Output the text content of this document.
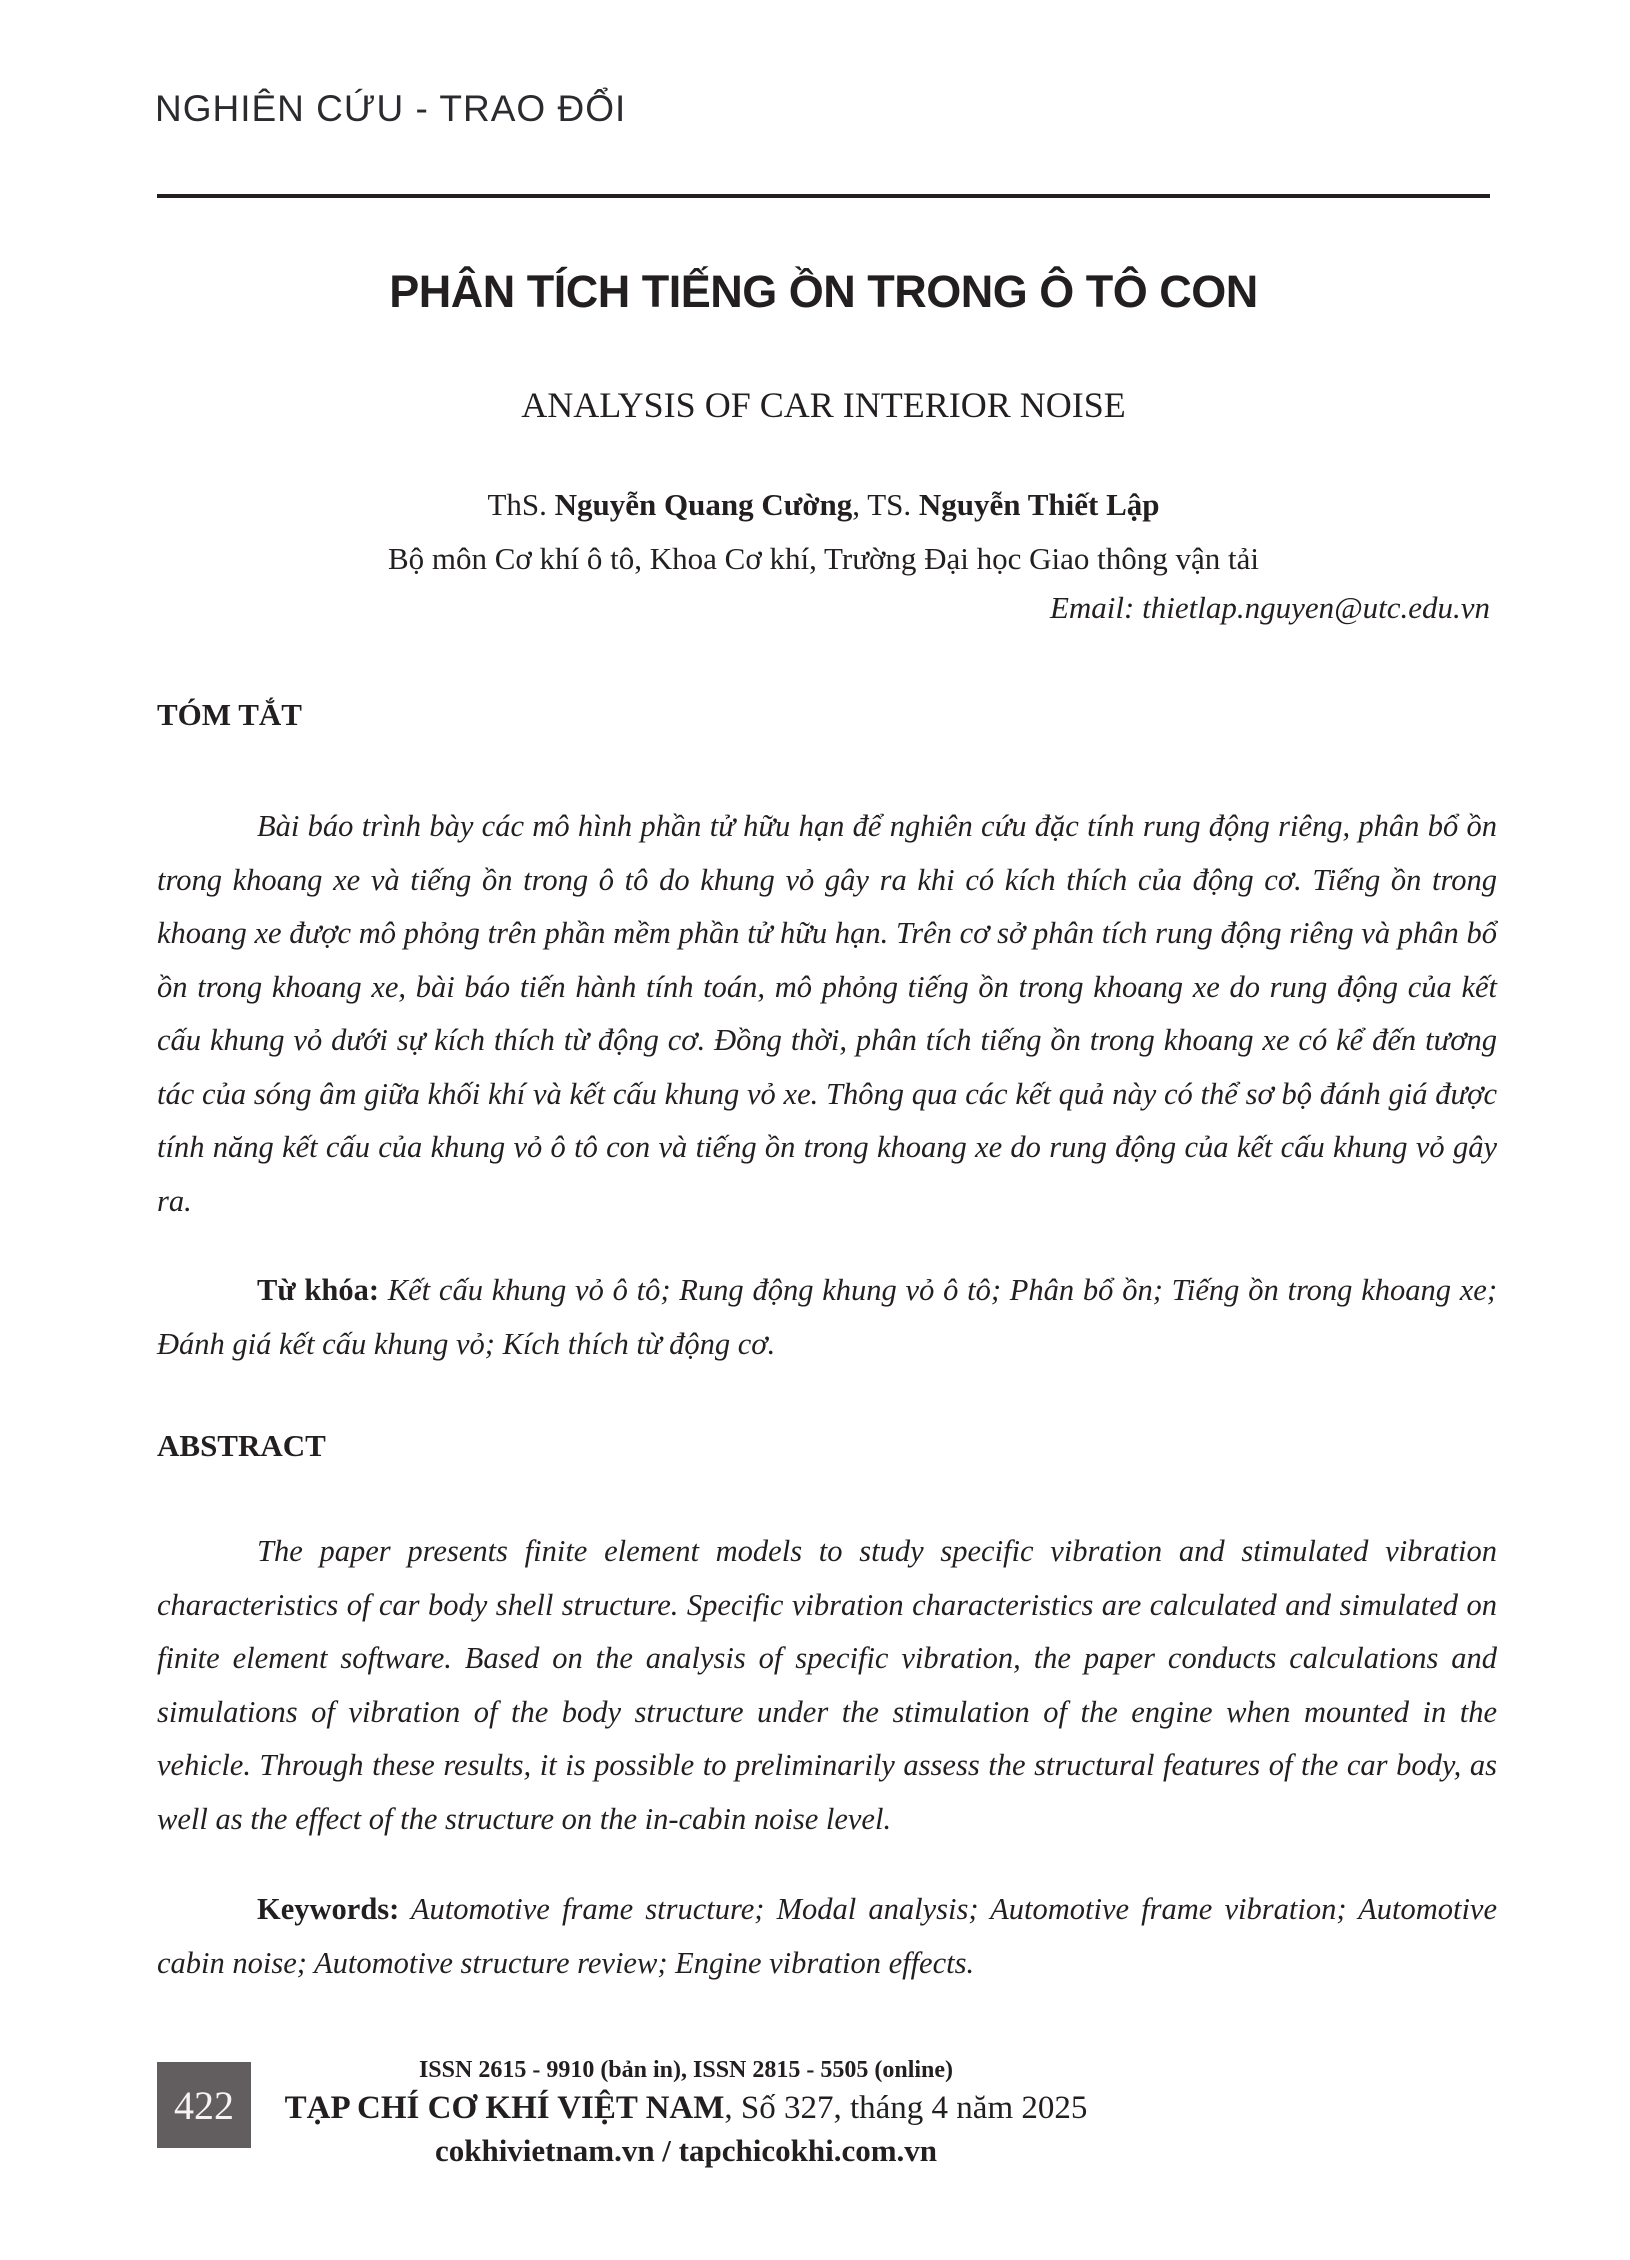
NGHIÊN CỨU - TRAO ĐỔI
PHÂN TÍCH TIẾNG ỒN TRONG Ô TÔ CON
ANALYSIS OF CAR INTERIOR NOISE
ThS. Nguyễn Quang Cường, TS. Nguyễn Thiết Lập
Bộ môn Cơ khí ô tô, Khoa Cơ khí, Trường Đại học Giao thông vận tải
Email: thietlap.nguyen@utc.edu.vn
TÓM TẮT
Bài báo trình bày các mô hình phần tử hữu hạn để nghiên cứu đặc tính rung động riêng, phân bổ ồn trong khoang xe và tiếng ồn trong ô tô do khung vỏ gây ra khi có kích thích của động cơ. Tiếng ồn trong khoang xe được mô phỏng trên phần mềm phần tử hữu hạn. Trên cơ sở phân tích rung động riêng và phân bổ ồn trong khoang xe, bài báo tiến hành tính toán, mô phỏng tiếng ồn trong khoang xe do rung động của kết cấu khung vỏ dưới sự kích thích từ động cơ. Đồng thời, phân tích tiếng ồn trong khoang xe có kể đến tương tác của sóng âm giữa khối khí và kết cấu khung vỏ xe. Thông qua các kết quả này có thể sơ bộ đánh giá được tính năng kết cấu của khung vỏ ô tô con và tiếng ồn trong khoang xe do rung động của kết cấu khung vỏ gây ra.
Từ khóa: Kết cấu khung vỏ ô tô; Rung động khung vỏ ô tô; Phân bổ ồn; Tiếng ồn trong khoang xe; Đánh giá kết cấu khung vỏ; Kích thích từ động cơ.
ABSTRACT
The paper presents finite element models to study specific vibration and stimulated vibration characteristics of car body shell structure. Specific vibration characteristics are calculated and simulated on finite element software. Based on the analysis of specific vibration, the paper conducts calculations and simulations of vibration of the body structure under the stimulation of the engine when mounted in the vehicle. Through these results, it is possible to preliminarily assess the structural features of the car body, as well as the effect of the structure on the in-cabin noise level.
Keywords: Automotive frame structure; Modal analysis; Automotive frame vibration; Automotive cabin noise; Automotive structure review; Engine vibration effects.
422
ISSN 2615 - 9910 (bản in), ISSN 2815 - 5505 (online)
TẠP CHÍ CƠ KHÍ VIỆT NAM, Số 327, tháng 4 năm 2025
cokhivietnam.vn / tapchicokhi.com.vn
